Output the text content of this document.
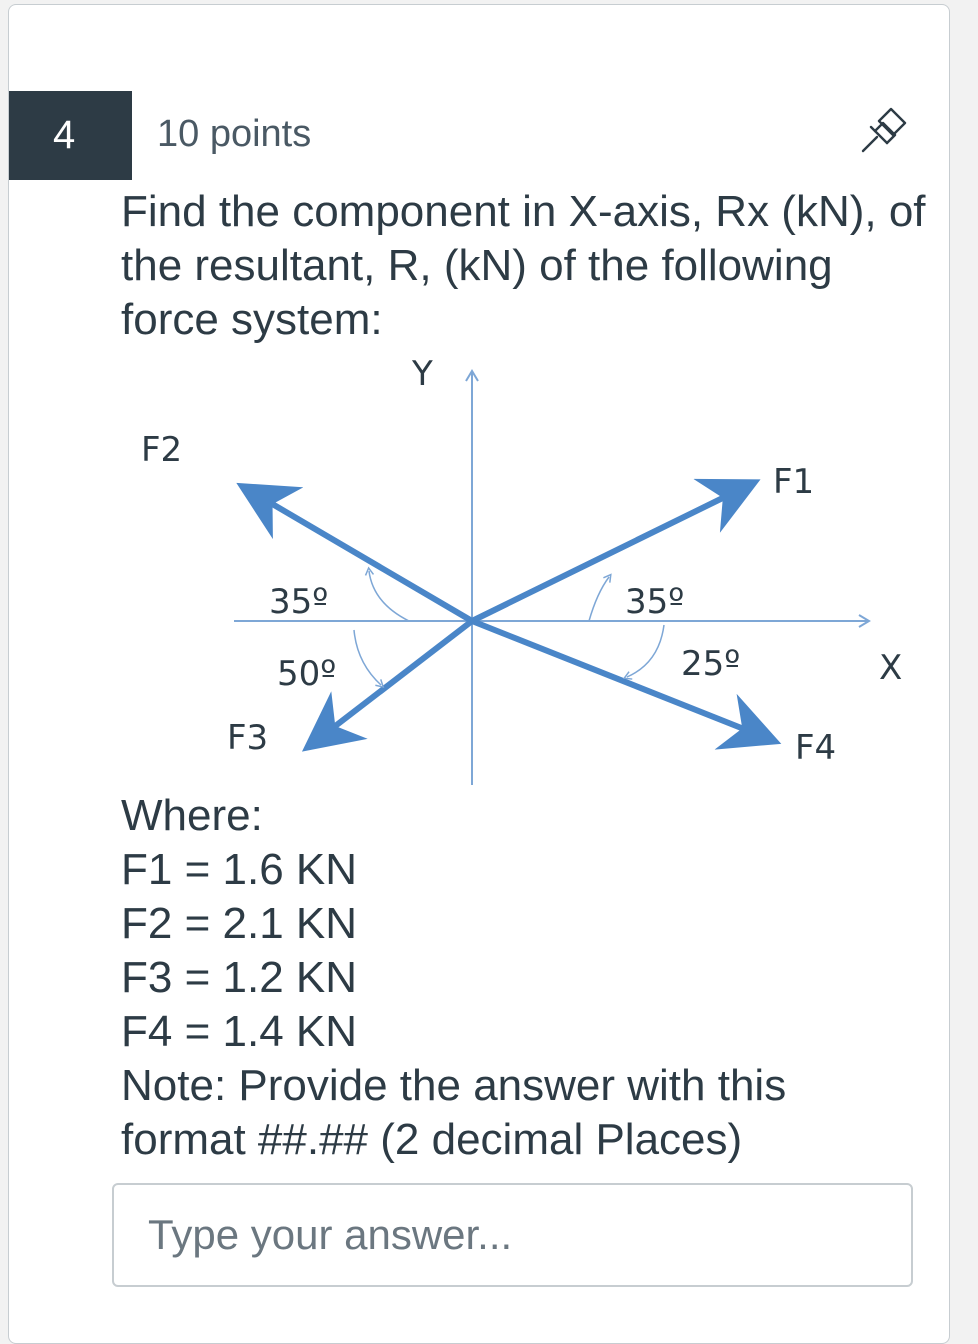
4	10 points
Find the component in X-axis, Rx (kN), of the resultant, R, (kN) of the following force system:
Y
X
F2
F1
F3	F4
35º	35º
50º	25º
Where:
F1 = 1.6 KN
F2 = 2.1 KN
F3 = 1.2 KN
F4 = 1.4 KN
Note: Provide the answer with this
format ##.## (2 decimal Places)
Type your answer...
